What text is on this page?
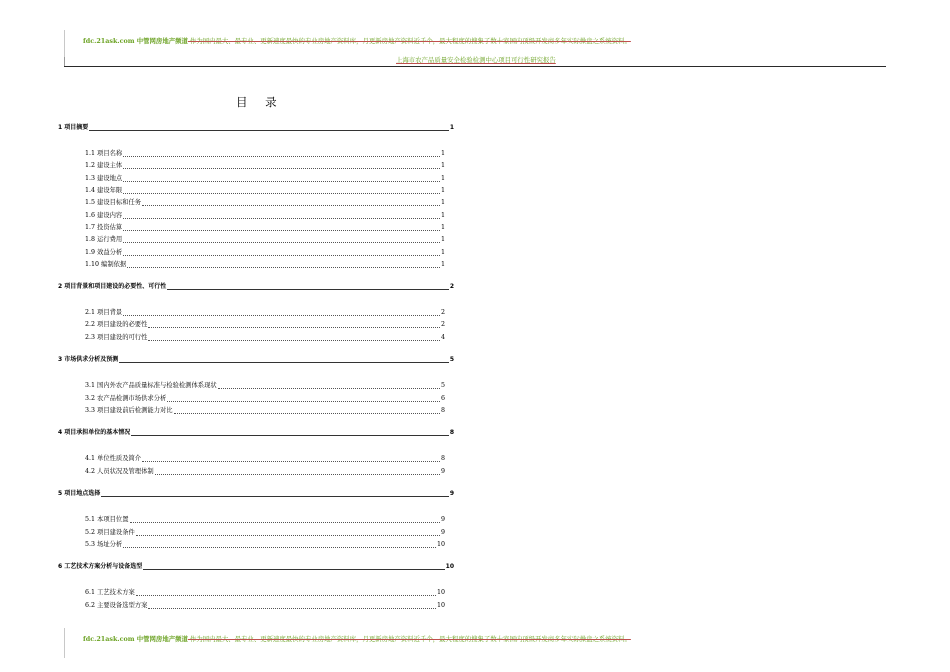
fdc.21ask.com 中管网房地产频道 作为国内最大、最专业、更新速度最快的专业房地产资料库，月更新房地产资料近千个，最大程度的搜集了数十家国内顶级开发商多年实际操盘之系统资料。
上海市农产品质量安全检验检测中心项目可行性研究报告
目 录
1 项目摘要	1
1.1 项目名称	1
1.2 建设主体	1
1.3 建设地点	1
1.4 建设年限	1
1.5 建设目标和任务	1
1.6 建设内容	1
1.7 投资估算	1
1.8 运行费用	1
1.9 效益分析	1
1.10 编制依据	1
2 项目背景和项目建设的必要性、可行性	2
2.1 项目背景	2
2.2 项目建设的必要性	2
2.3 项目建设的可行性	4
3 市场供求分析及预测	5
3.1 国内外农产品质量标准与检验检测体系现状	5
3.2 农产品检测市场供求分析	6
3.3 项目建设前后检测能力对比	8
4 项目承担单位的基本情况	8
4.1 单位性质及简介	8
4.2 人员状况及管理体制	9
5 项目地点选择	9
5.1 本项目位置	9
5.2 项目建设条件	9
5.3 场址分析	10
6 工艺技术方案分析与设备选型	10
6.1 工艺技术方案	10
6.2 主要设备选型方案	10
fdc.21ask.com 中管网房地产频道 作为国内最大、最专业、更新速度最快的专业房地产资料库，月更新房地产资料近千个，最大程度的搜集了数十家国内顶级开发商多年实际操盘之系统资料。
